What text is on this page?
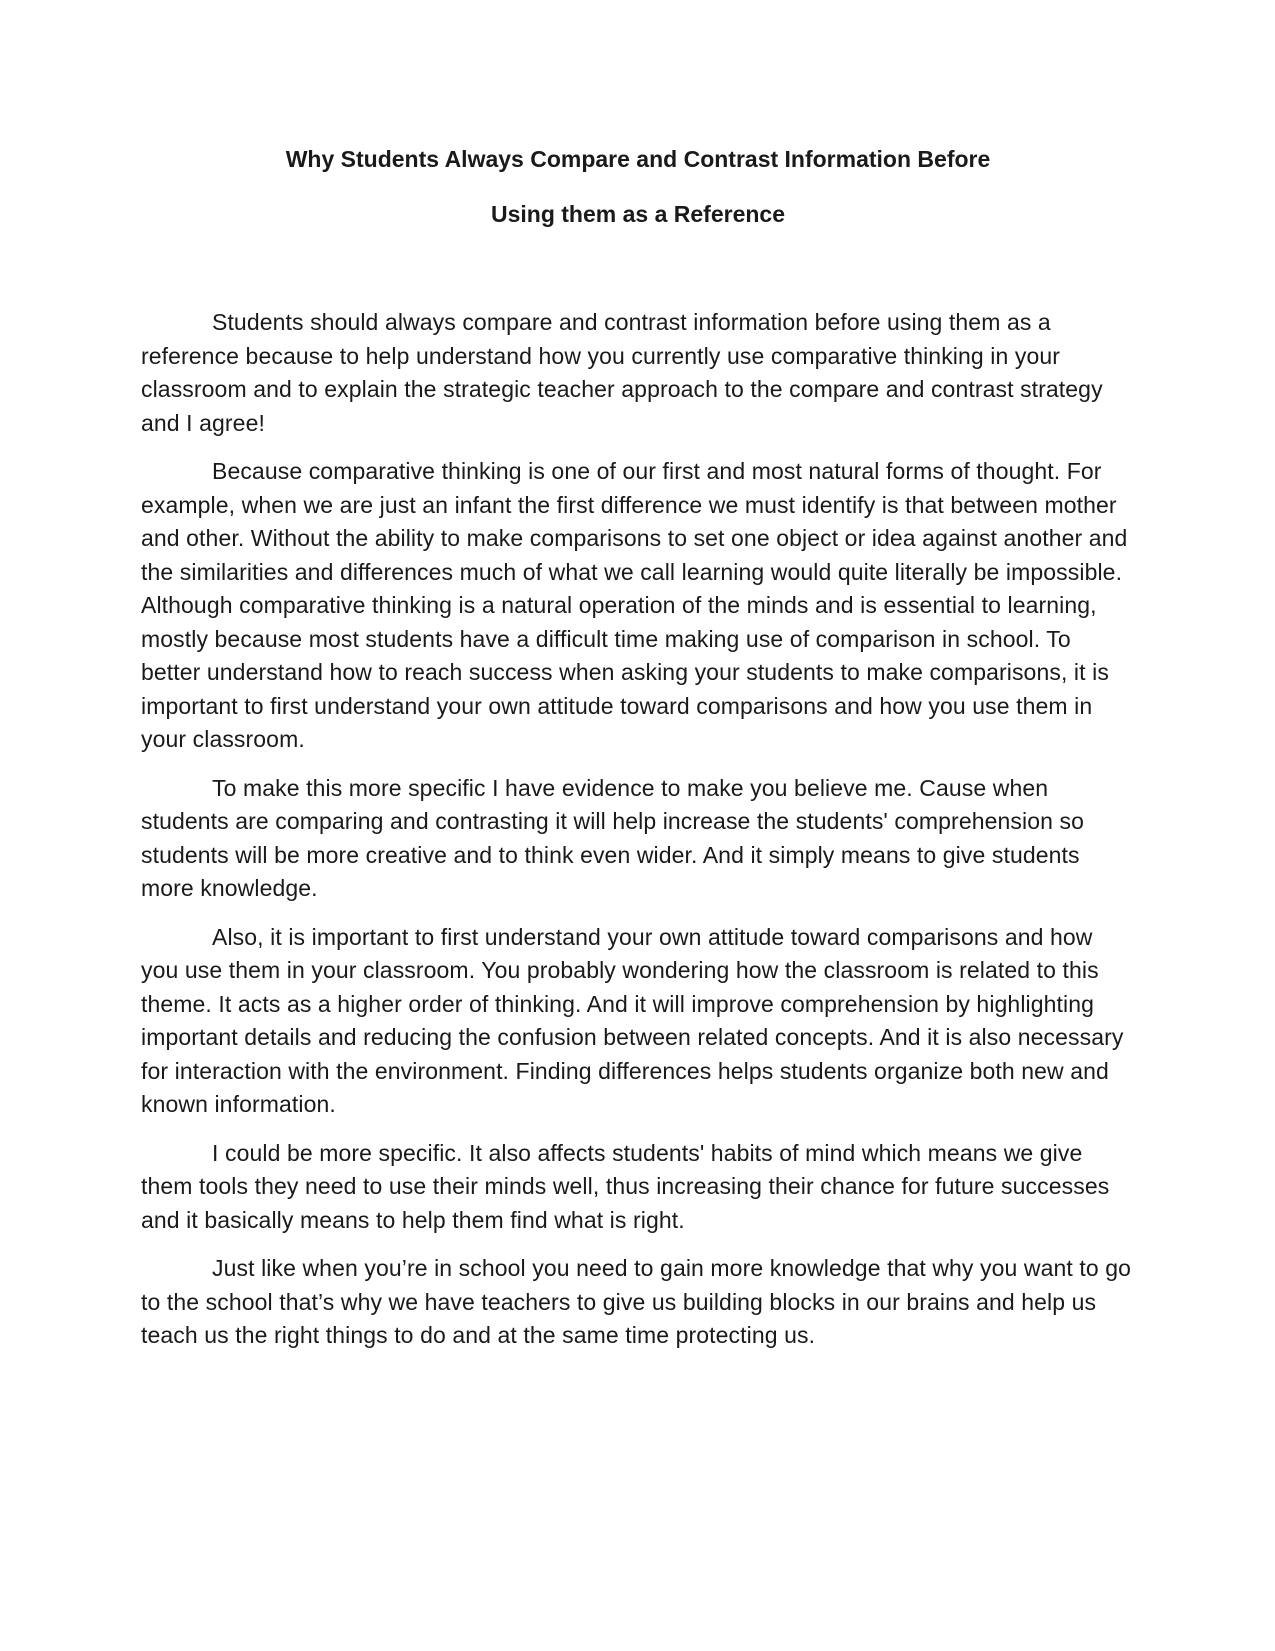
Why Students Always Compare and Contrast Information Before
Using them as a Reference

Students should always compare and contrast information before using them as a reference because to help understand how you currently use comparative thinking in your classroom and to explain the strategic teacher approach to the compare and contrast strategy and I agree!

Because comparative thinking is one of our first and most natural forms of thought. For example, when we are just an infant the first difference we must identify is that between mother and other. Without the ability to make comparisons to set one object or idea against another and the similarities and differences much of what we call learning would quite literally be impossible. Although comparative thinking is a natural operation of the minds and is essential to learning, mostly because most students have a difficult time making use of comparison in school. To better understand how to reach success when asking your students to make comparisons, it is important to first understand your own attitude toward comparisons and how you use them in your classroom.

To make this more specific I have evidence to make you believe me. Cause when students are comparing and contrasting it will help increase the students' comprehension so students will be more creative and to think even wider. And it simply means to give students more knowledge.

Also, it is important to first understand your own attitude toward comparisons and how you use them in your classroom. You probably wondering how the classroom is related to this theme. It acts as a higher order of thinking. And it will improve comprehension by highlighting important details and reducing the confusion between related concepts. And it is also necessary for interaction with the environment. Finding differences helps students organize both new and known information.

I could be more specific. It also affects students' habits of mind which means we give them tools they need to use their minds well, thus increasing their chance for future successes and it basically means to help them find what is right.

Just like when you’re in school you need to gain more knowledge that why you want to go to the school that’s why we have teachers to give us building blocks in our brains and help us teach us the right things to do and at the same time protecting us.
